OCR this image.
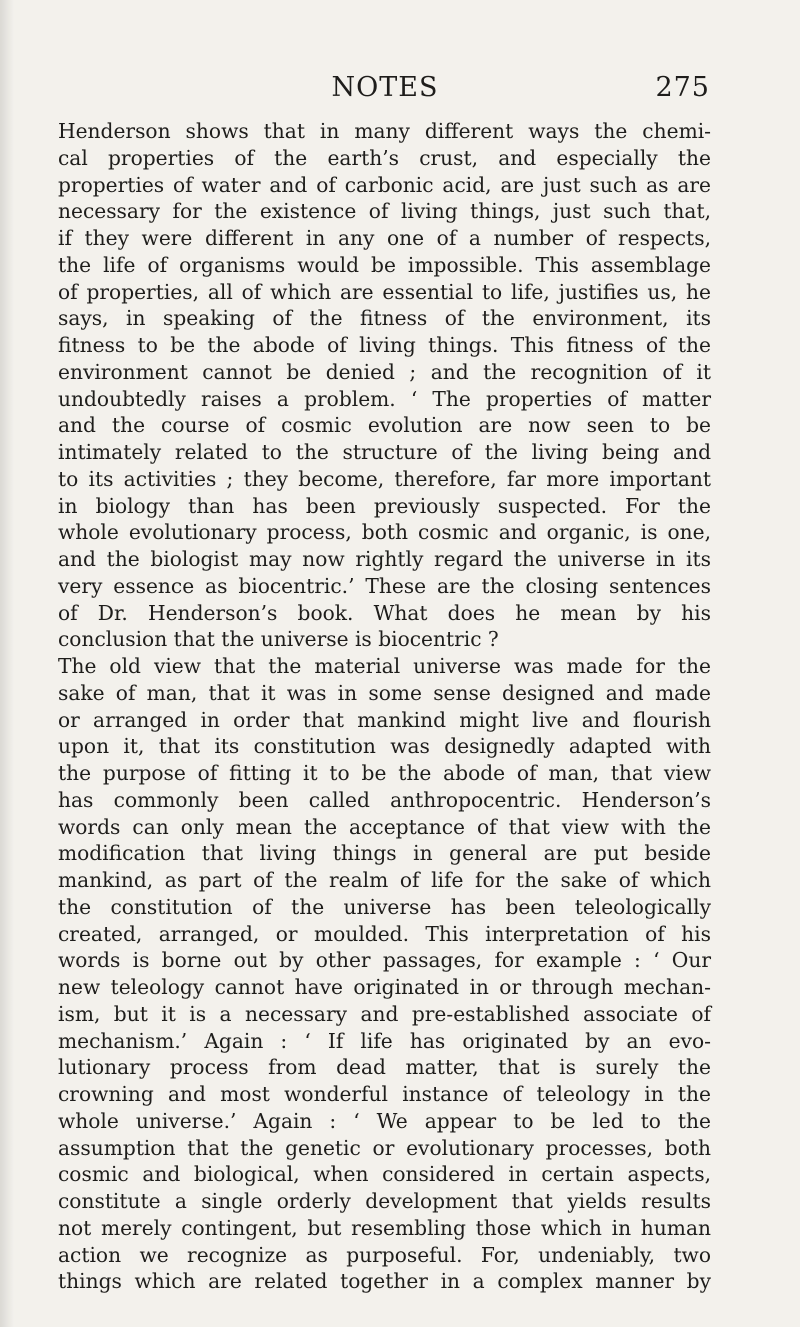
NOTES	275
Henderson shows that in many different ways the chemi-
cal properties of the earth’s crust, and especially the
properties of water and of carbonic acid, are just such as are
necessary for the existence of living things, just such that,
if they were different in any one of a number of respects,
the life of organisms would be impossible. This assemblage
of properties, all of which are essential to life, justifies us, he
says, in speaking of the fitness of the environment, its
fitness to be the abode of living things. This fitness of the
environment cannot be denied ; and the recognition of it
undoubtedly raises a problem. ‘ The properties of matter
and the course of cosmic evolution are now seen to be
intimately related to the structure of the living being and
to its activities ; they become, therefore, far more important
in biology than has been previously suspected. For the
whole evolutionary process, both cosmic and organic, is one,
and the biologist may now rightly regard the universe in its
very essence as biocentric.’ These are the closing sentences
of Dr. Henderson’s book. What does he mean by his
conclusion that the universe is biocentric ?
The old view that the material universe was made for the
sake of man, that it was in some sense designed and made
or arranged in order that mankind might live and flourish
upon it, that its constitution was designedly adapted with
the purpose of fitting it to be the abode of man, that view
has commonly been called anthropocentric. Henderson’s
words can only mean the acceptance of that view with the
modification that living things in general are put beside
mankind, as part of the realm of life for the sake of which
the constitution of the universe has been teleologically
created, arranged, or moulded. This interpretation of his
words is borne out by other passages, for example : ‘ Our
new teleology cannot have originated in or through mechan-
ism, but it is a necessary and pre-established associate of
mechanism.’ Again : ‘ If life has originated by an evo-
lutionary process from dead matter, that is surely the
crowning and most wonderful instance of teleology in the
whole universe.’ Again : ‘ We appear to be led to the
assumption that the genetic or evolutionary processes, both
cosmic and biological, when considered in certain aspects,
constitute a single orderly development that yields results
not merely contingent, but resembling those which in human
action we recognize as purposeful. For, undeniably, two
things which are related together in a complex manner by
